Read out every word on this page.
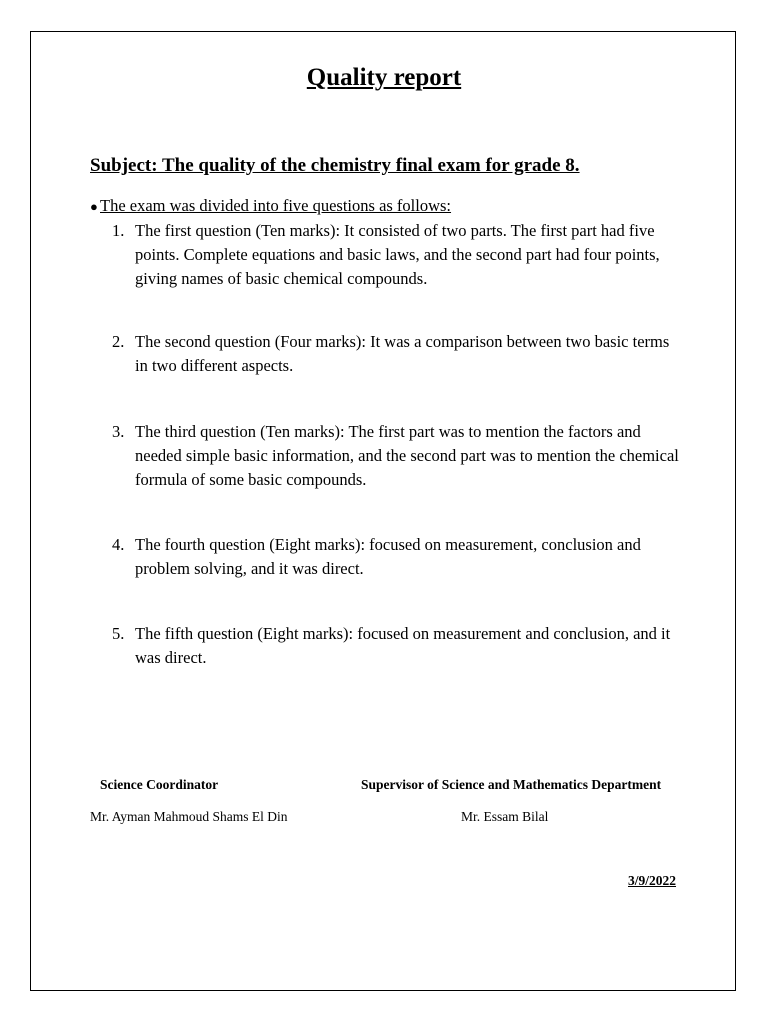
Quality report
Subject: The quality of the chemistry final exam for grade 8.
● The exam was divided into five questions as follows:
1. The first question (Ten marks): It consisted of two parts. The first part had five points. Complete equations and basic laws, and the second part had four points, giving names of basic chemical compounds.
2. The second question (Four marks): It was a comparison between two basic terms in two different aspects.
3. The third question (Ten marks): The first part was to mention the factors and needed simple basic information, and the second part was to mention the chemical formula of some basic compounds.
4. The fourth question (Eight marks): focused on measurement, conclusion and problem solving, and it was direct.
5. The fifth question (Eight marks): focused on measurement and conclusion, and it was direct.
Science Coordinator	Supervisor of Science and Mathematics Department
Mr. Ayman Mahmoud Shams El Din	Mr. Essam Bilal
3/9/2022
